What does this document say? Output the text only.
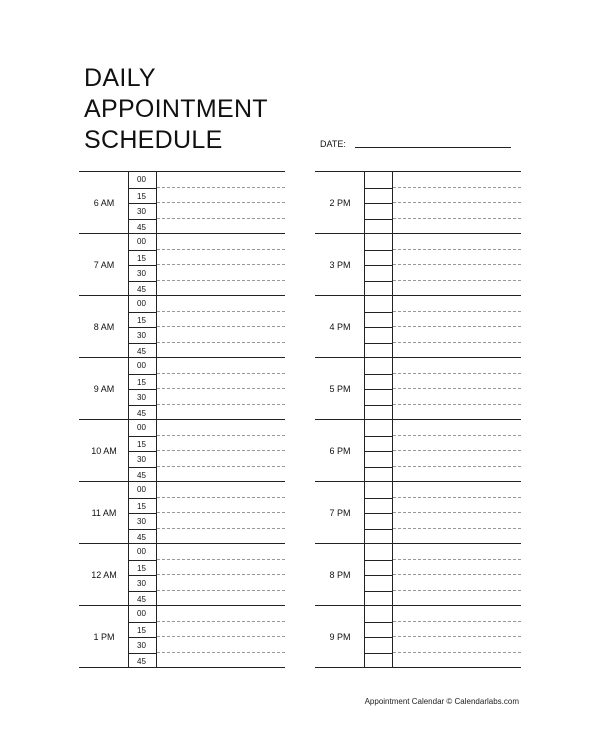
DAILY
APPOINTMENT
SCHEDULE	DATE:
6 AM
00
15
30
45
7 AM
00
15
30
45
8 AM
00
15
30
45
9 AM
00
15
30
45
10 AM
00
15
30
45
11 AM
00
15
30
45
12 AM
00
15
30
45
1 PM
00
15
30
45
2 PM
3 PM
4 PM
5 PM
6 PM
7 PM
8 PM
9 PM
Appointment Calendar © Calendarlabs.com
